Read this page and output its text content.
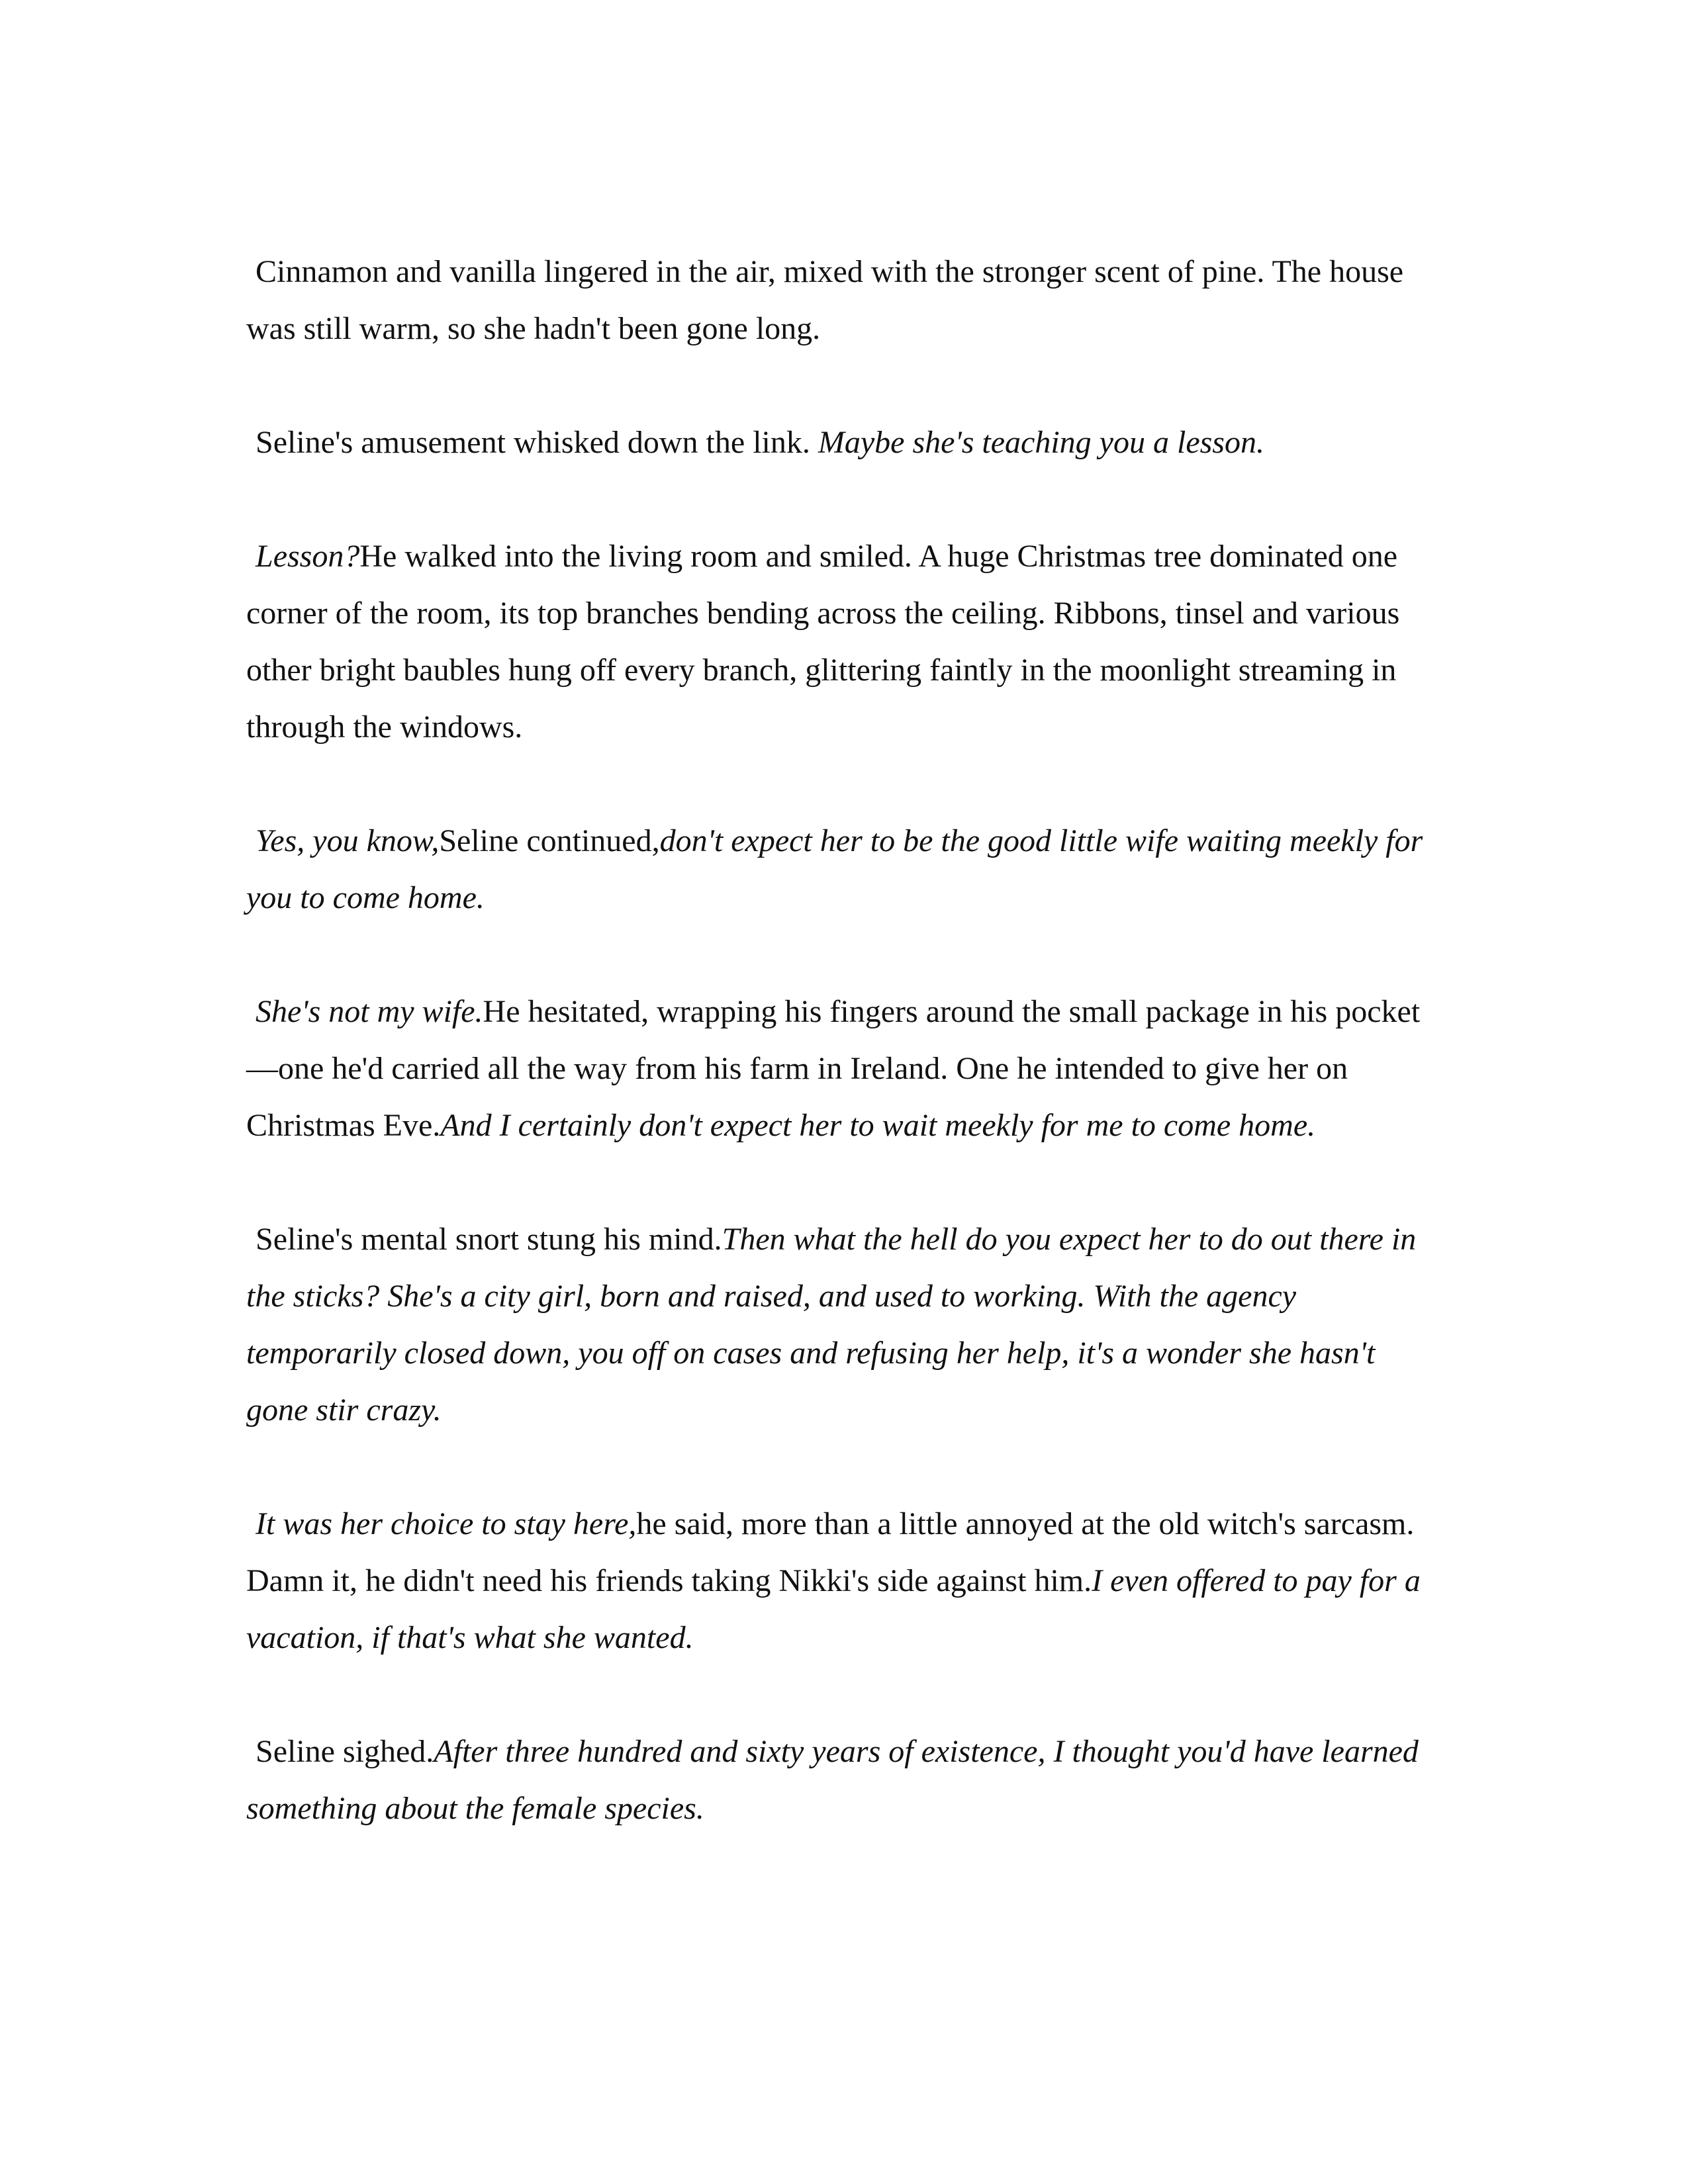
Cinnamon and vanilla lingered in the air, mixed with the stronger scent of pine. The house was still warm, so she hadn't been gone long.

Seline's amusement whisked down the link. Maybe she's teaching you a lesson.

Lesson?He walked into the living room and smiled. A huge Christmas tree dominated one corner of the room, its top branches bending across the ceiling. Ribbons, tinsel and various other bright baubles hung off every branch, glittering faintly in the moonlight streaming in through the windows.

Yes, you know,Seline continued,don't expect her to be the good little wife waiting meekly for you to come home.

She's not my wife.He hesitated, wrapping his fingers around the small package in his pocket—one he'd carried all the way from his farm in Ireland. One he intended to give her on Christmas Eve.And I certainly don't expect her to wait meekly for me to come home.

Seline's mental snort stung his mind.Then what the hell do you expect her to do out there in the sticks? She's a city girl, born and raised, and used to working. With the agency temporarily closed down, you off on cases and refusing her help, it's a wonder she hasn't gone stir crazy.

It was her choice to stay here,he said, more than a little annoyed at the old witch's sarcasm. Damn it, he didn't need his friends taking Nikki's side against him.I even offered to pay for a vacation, if that's what she wanted.

Seline sighed.After three hundred and sixty years of existence, I thought you'd have learned something about the female species.
